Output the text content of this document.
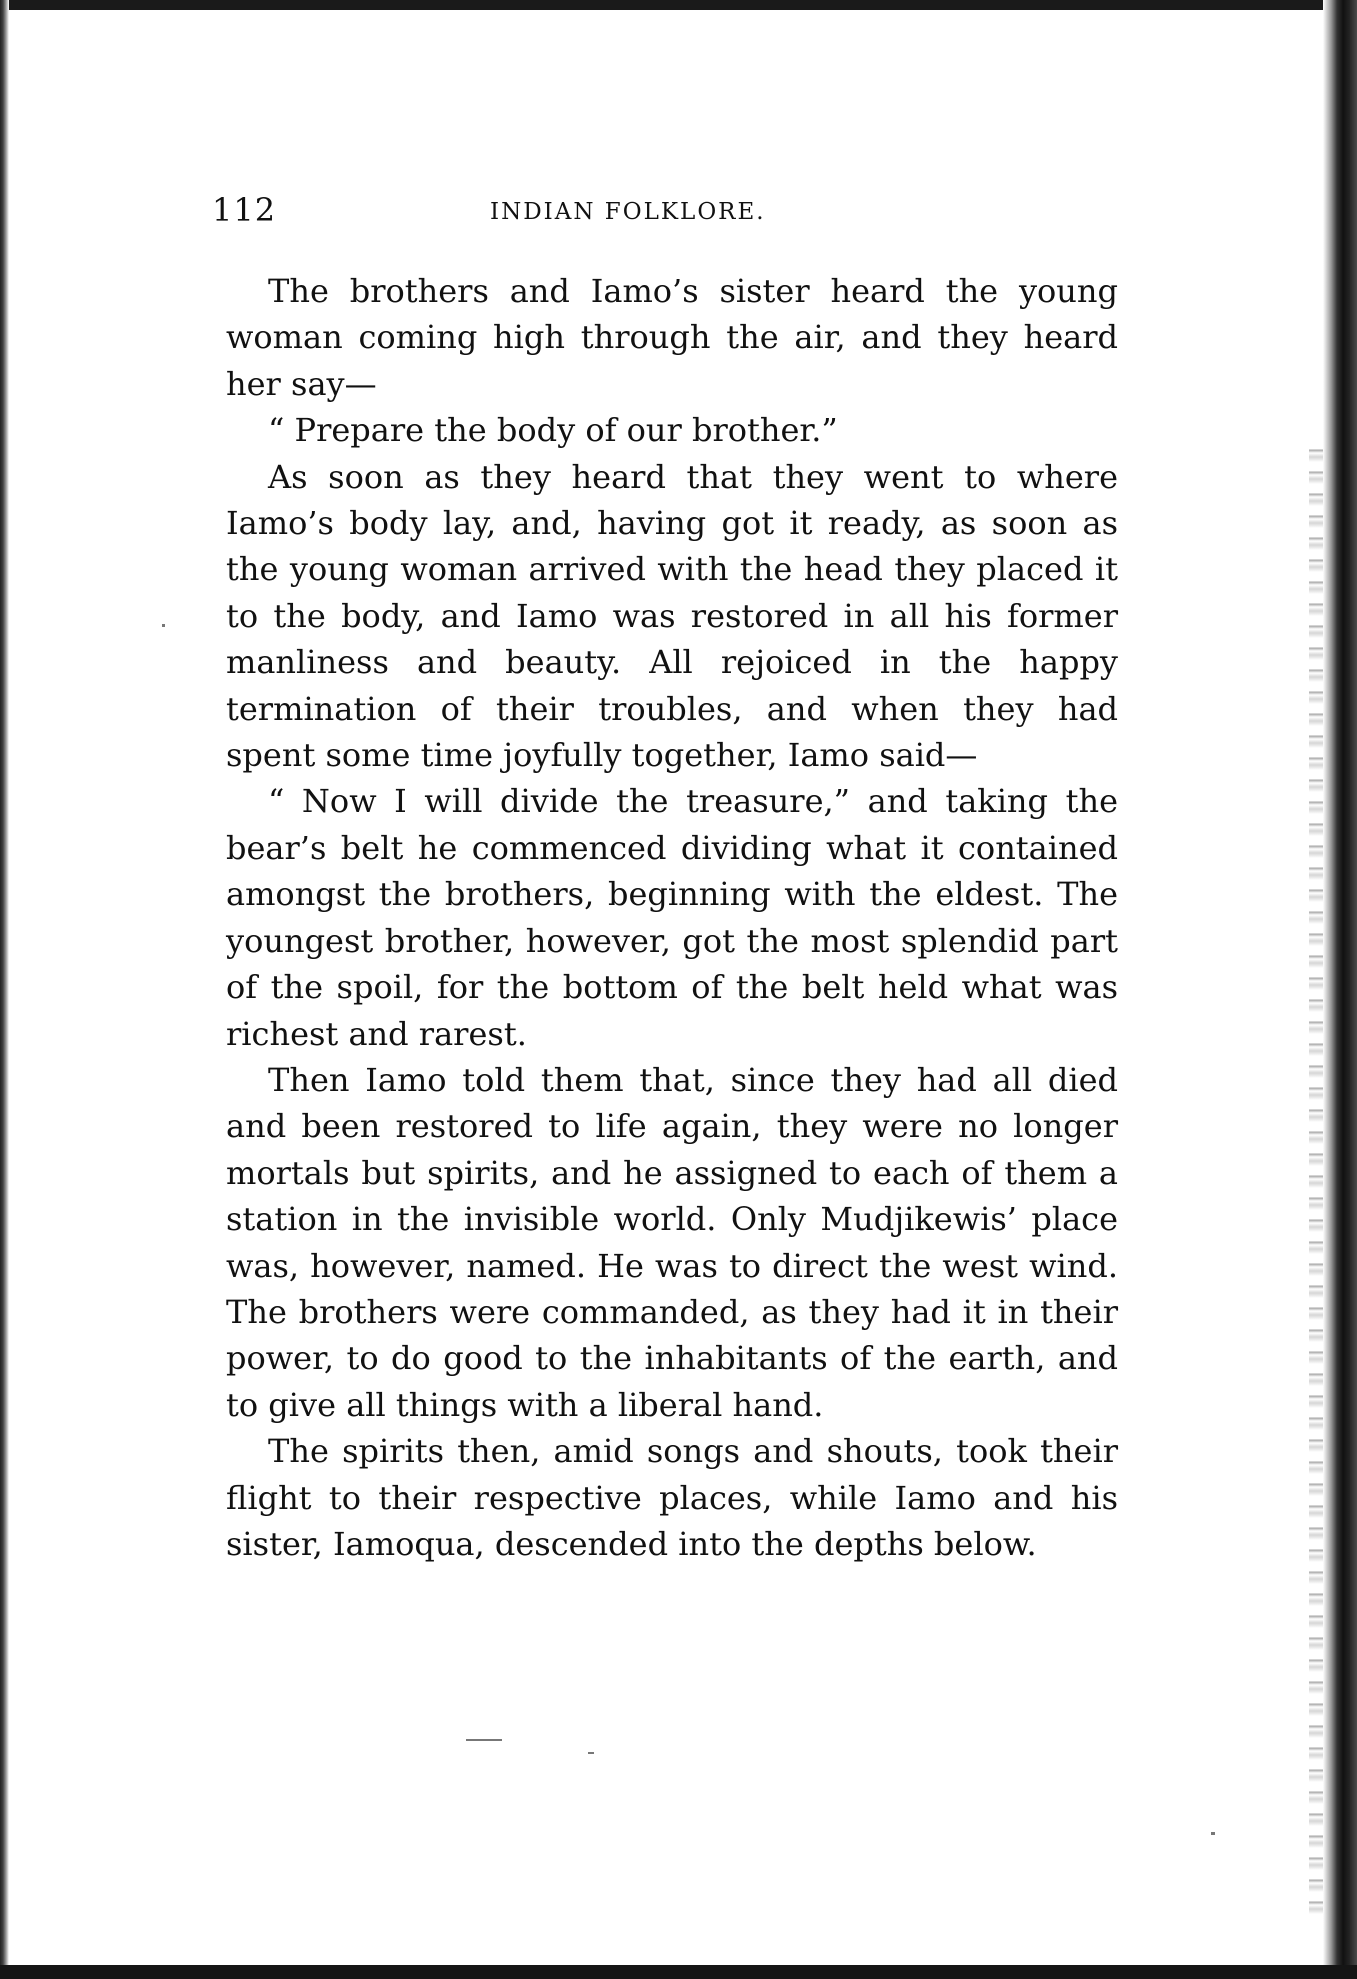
112	INDIAN FOLKLORE.

The brothers and Iamo’s sister heard the young woman coming high through the air, and they heard her say—

“ Prepare the body of our brother.”

As soon as they heard that they went to where Iamo’s body lay, and, having got it ready, as soon as the young woman arrived with the head they placed it to the body, and Iamo was restored in all his former manliness and beauty. All rejoiced in the happy termination of their troubles, and when they had spent some time joyfully together, Iamo said—

“ Now I will divide the treasure,” and taking the bear’s belt he commenced dividing what it contained amongst the brothers, beginning with the eldest. The youngest brother, however, got the most splendid part of the spoil, for the bottom of the belt held what was richest and rarest.

Then Iamo told them that, since they had all died and been restored to life again, they were no longer mortals but spirits, and he assigned to each of them a station in the invisible world. Only Mudjikewis’ place was, however, named. He was to direct the west wind. The brothers were commanded, as they had it in their power, to do good to the inhabitants of the earth, and to give all things with a liberal hand.

The spirits then, amid songs and shouts, took their flight to their respective places, while Iamo and his sister, Iamoqua, descended into the depths below.
